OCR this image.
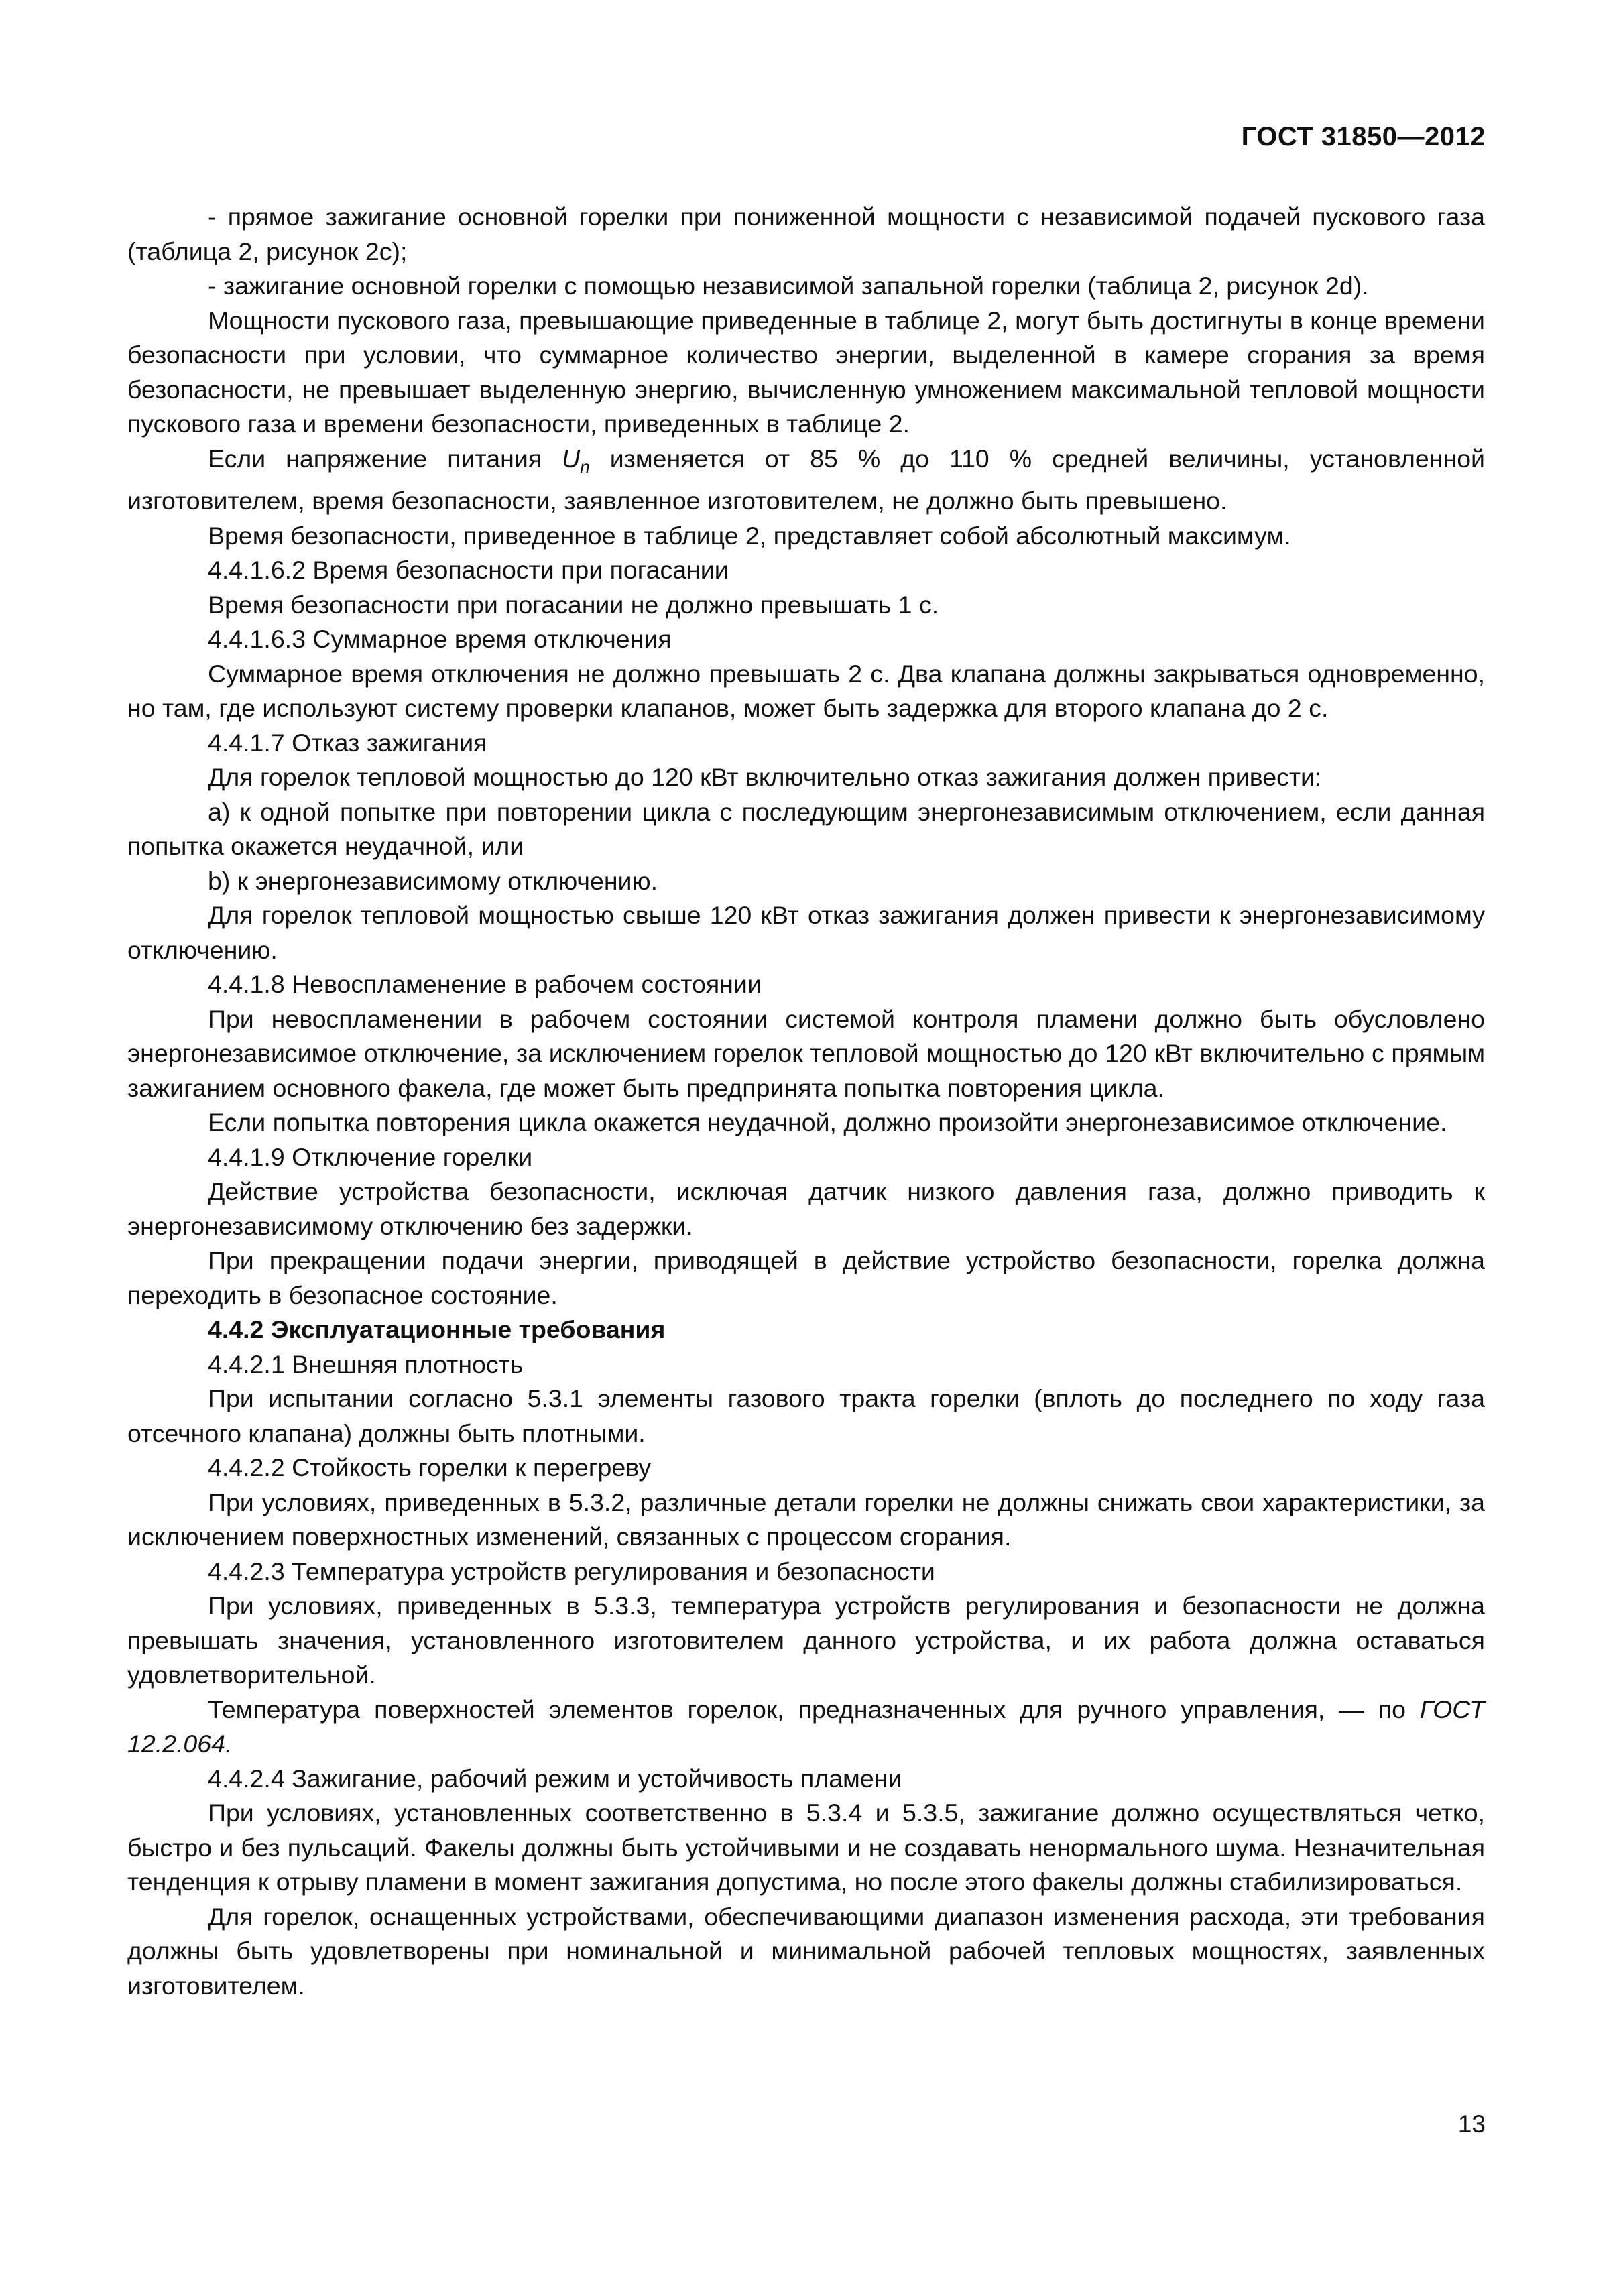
ГОСТ 31850—2012

- прямое зажигание основной горелки при пониженной мощности с независимой подачей пускового газа (таблица 2, рисунок 2c);

- зажигание основной горелки с помощью независимой запальной горелки (таблица 2, рисунок 2d).

Мощности пускового газа, превышающие приведенные в таблице 2, могут быть достигнуты в конце времени безопасности при условии, что суммарное количество энергии, выделенной в камере сгорания за время безопасности, не превышает выделенную энергию, вычисленную умножением максимальной тепловой мощности пускового газа и времени безопасности, приведенных в таблице 2.

Если напряжение питания $U_n$ изменяется от 85 % до 110 % средней величины, установленной изготовителем, время безопасности, заявленное изготовителем, не должно быть превышено.

Время безопасности, приведенное в таблице 2, представляет собой абсолютный максимум.

4.4.1.6.2 Время безопасности при погасании

Время безопасности при погасании не должно превышать 1 с.

4.4.1.6.3 Суммарное время отключения

Суммарное время отключения не должно превышать 2 с. Два клапана должны закрываться одновременно, но там, где используют систему проверки клапанов, может быть задержка для второго клапана до 2 с.

4.4.1.7 Отказ зажигания

Для горелок тепловой мощностью до 120 кВт включительно отказ зажигания должен привести:

a) к одной попытке при повторении цикла с последующим энергонезависимым отключением, если данная попытка окажется неудачной, или

b) к энергонезависимому отключению.

Для горелок тепловой мощностью свыше 120 кВт отказ зажигания должен привести к энергонезависимому отключению.

4.4.1.8 Невоспламенение в рабочем состоянии

При невоспламенении в рабочем состоянии системой контроля пламени должно быть обусловлено энергонезависимое отключение, за исключением горелок тепловой мощностью до 120 кВт включительно с прямым зажиганием основного факела, где может быть предпринята попытка повторения цикла.

Если попытка повторения цикла окажется неудачной, должно произойти энергонезависимое отключение.

4.4.1.9 Отключение горелки

Действие устройства безопасности, исключая датчик низкого давления газа, должно приводить к энергонезависимому отключению без задержки.

При прекращении подачи энергии, приводящей в действие устройство безопасности, горелка должна переходить в безопасное состояние.

4.4.2 Эксплуатационные требования

4.4.2.1 Внешняя плотность

При испытании согласно 5.3.1 элементы газового тракта горелки (вплоть до последнего по ходу газа отсечного клапана) должны быть плотными.

4.4.2.2 Стойкость горелки к перегреву

При условиях, приведенных в 5.3.2, различные детали горелки не должны снижать свои характеристики, за исключением поверхностных изменений, связанных с процессом сгорания.

4.4.2.3 Температура устройств регулирования и безопасности

При условиях, приведенных в 5.3.3, температура устройств регулирования и безопасности не должна превышать значения, установленного изготовителем данного устройства, и их работа должна оставаться удовлетворительной.

Температура поверхностей элементов горелок, предназначенных для ручного управления, — по ГОСТ 12.2.064.

4.4.2.4 Зажигание, рабочий режим и устойчивость пламени

При условиях, установленных соответственно в 5.3.4 и 5.3.5, зажигание должно осуществляться четко, быстро и без пульсаций. Факелы должны быть устойчивыми и не создавать ненормального шума. Незначительная тенденция к отрыву пламени в момент зажигания допустима, но после этого факелы должны стабилизироваться.

Для горелок, оснащенных устройствами, обеспечивающими диапазон изменения расхода, эти требования должны быть удовлетворены при номинальной и минимальной рабочей тепловых мощностях, заявленных изготовителем.

13
